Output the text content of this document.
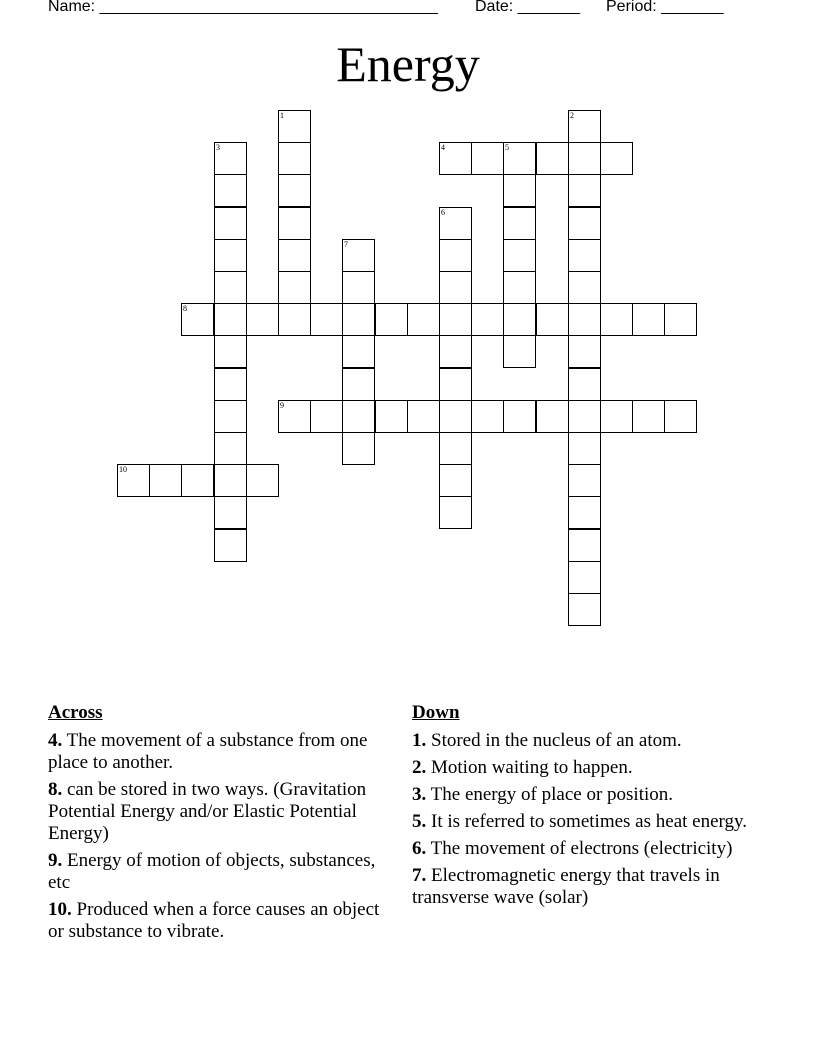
Name: ______________________________________ Date: _______ Period: _______
Energy
1	2
3	4	5
6
7
8
9
10
Across
4. The movement of a substance from one place to another.
8. can be stored in two ways. (Gravitation Potential Energy and/or Elastic Potential Energy)
9. Energy of motion of objects, substances, etc
10. Produced when a force causes an object or substance to vibrate.
Down
1. Stored in the nucleus of an atom.
2. Motion waiting to happen.
3. The energy of place or position.
5. It is referred to sometimes as heat energy.
6. The movement of electrons (electricity)
7. Electromagnetic energy that travels in transverse wave (solar)
